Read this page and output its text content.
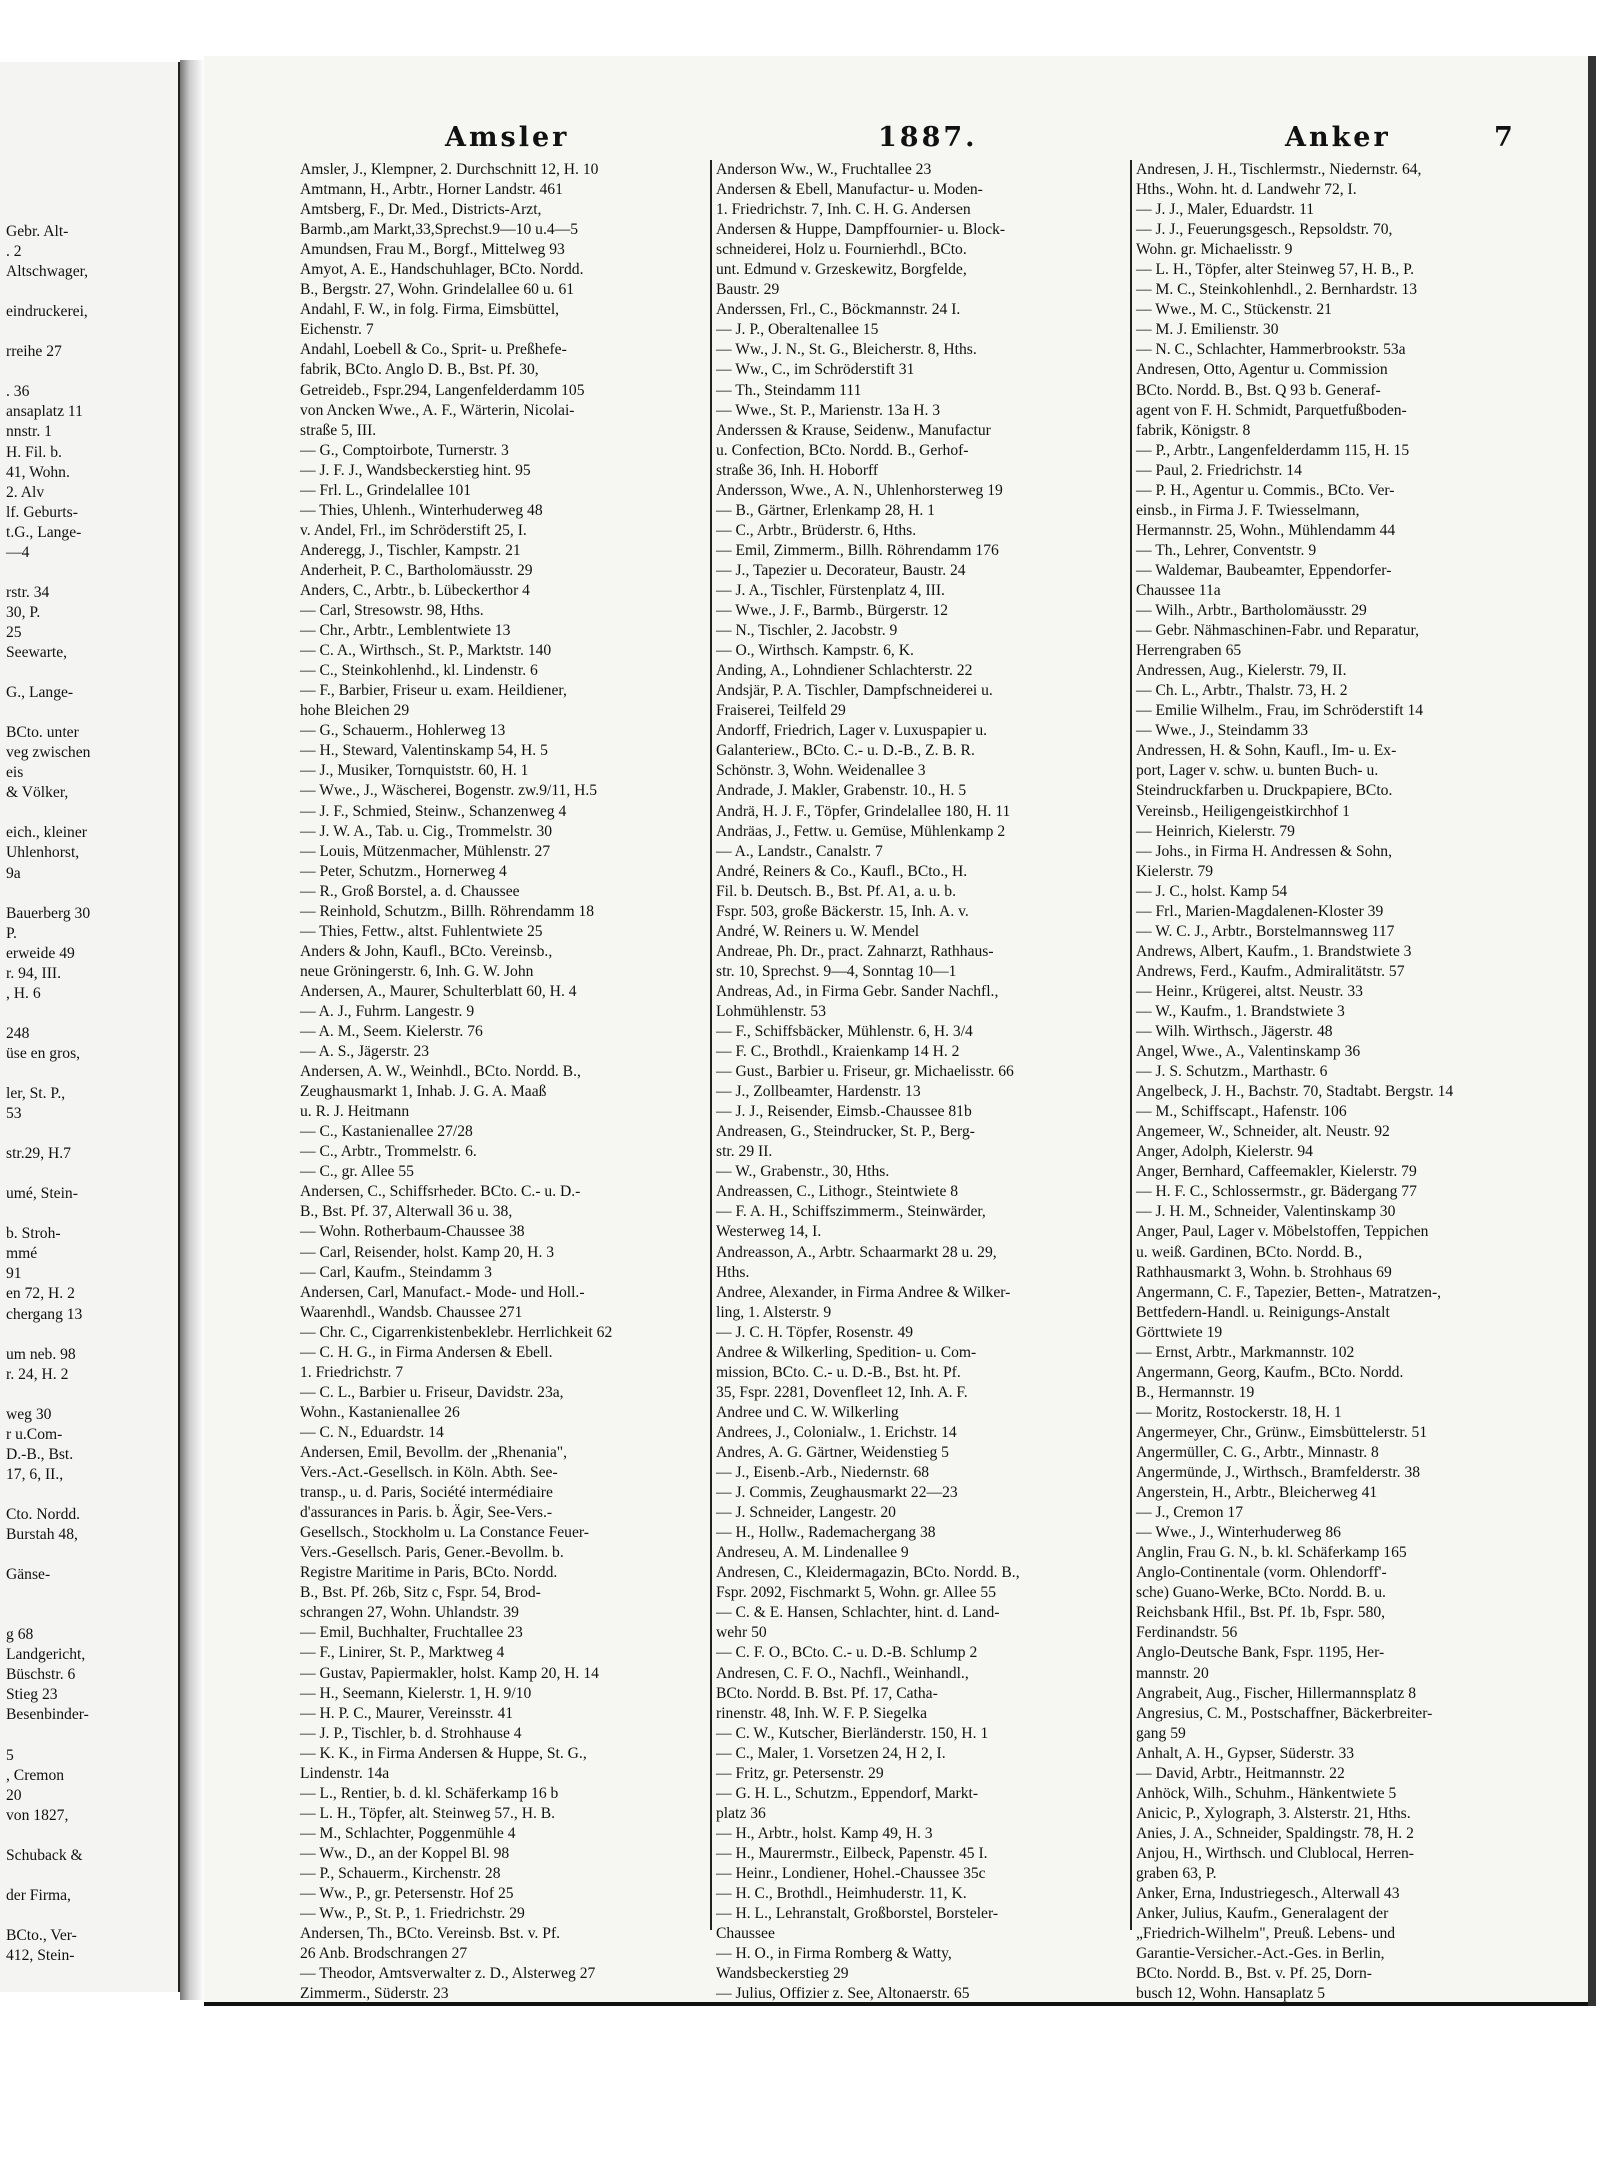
Gebr. Alt-
. 2
Altschwager,
eindruckerei,
rreihe 27
. 36
ansaplatz 11
nnstr. 1
H. Fil. b.
41, Wohn.
2. Alv
lf. Geburts-
t.G., Lange-
—4
rstr. 34
30, P.
25
Seewarte,
G., Lange-
BCto. unter
veg zwischen
eis
& Völker,
eich., kleiner
Uhlenhorst,
9a
Bauerberg 30
P.
erweide 49
r. 94, III.
, H. 6
248
üse en gros,
ler, St. P.,
53
str.29, H.7
umé, Stein-
b. Stroh-
mmé
91
en 72, H. 2
chergang 13
um neb. 98
r. 24, H. 2
weg 30
r u.Com-
D.-B., Bst.
17, 6, II.,
Cto. Nordd.
Burstah 48,
Gänse-
g 68
Landgericht,
Büschstr. 6
Stieg 23
Besenbinder-
5
, Cremon
20
von 1827,
Schuback &
der Firma,
BCto., Ver-
412, Stein-
Amsler	1887.	Anker	7
Amsler, J., Klempner, 2. Durchschnitt 12, H. 10
Amtmann, H., Arbtr., Horner Landstr. 461
Amtsberg, F., Dr. Med., Districts-Arzt,
Barmb.,am Markt,33,Sprechst.9—10 u.4—5
Amundsen, Frau M., Borgf., Mittelweg 93
Amyot, A. E., Handschuhlager, BCto. Nordd.
B., Bergstr. 27, Wohn. Grindelallee 60 u. 61
Andahl, F. W., in folg. Firma, Eimsbüttel,
Eichenstr. 7
Andahl, Loebell & Co., Sprit- u. Preßhefe-
fabrik, BCto. Anglo D. B., Bst. Pf. 30,
Getreideb., Fspr.294, Langenfelderdamm 105
von Ancken Wwe., A. F., Wärterin, Nicolai-
straße 5, III.
— G., Comptoirbote, Turnerstr. 3
— J. F. J., Wandsbeckerstieg hint. 95
— Frl. L., Grindelallee 101
— Thies, Uhlenh., Winterhuderweg 48
v. Andel, Frl., im Schröderstift 25, I.
Anderegg, J., Tischler, Kampstr. 21
Anderheit, P. C., Bartholomäusstr. 29
Anders, C., Arbtr., b. Lübeckerthor 4
— Carl, Stresowstr. 98, Hths.
— Chr., Arbtr., Lemblentwiete 13
— C. A., Wirthsch., St. P., Marktstr. 140
— C., Steinkohlenhd., kl. Lindenstr. 6
— F., Barbier, Friseur u. exam. Heildiener,
hohe Bleichen 29
— G., Schauerm., Hohlerweg 13
— H., Steward, Valentinskamp 54, H. 5
— J., Musiker, Tornquiststr. 60, H. 1
— Wwe., J., Wäscherei, Bogenstr. zw.9/11, H.5
— J. F., Schmied, Steinw., Schanzenweg 4
— J. W. A., Tab. u. Cig., Trommelstr. 30
— Louis, Mützenmacher, Mühlenstr. 27
— Peter, Schutzm., Hornerweg 4
— R., Groß Borstel, a. d. Chaussee
— Reinhold, Schutzm., Billh. Röhrendamm 18
— Thies, Fettw., altst. Fuhlentwiete 25
Anders & John, Kaufl., BCto. Vereinsb.,
neue Gröningerstr. 6, Inh. G. W. John
Andersen, A., Maurer, Schulterblatt 60, H. 4
— A. J., Fuhrm. Langestr. 9
— A. M., Seem. Kielerstr. 76
— A. S., Jägerstr. 23
Andersen, A. W., Weinhdl., BCto. Nordd. B.,
Zeughausmarkt 1, Inhab. J. G. A. Maaß
u. R. J. Heitmann
— C., Kastanienallee 27/28
— C., Arbtr., Trommelstr. 6.
— C., gr. Allee 55
Andersen, C., Schiffsrheder. BCto. C.- u. D.-
B., Bst. Pf. 37, Alterwall 36 u. 38,
— Wohn. Rotherbaum-Chaussee 38
— Carl, Reisender, holst. Kamp 20, H. 3
— Carl, Kaufm., Steindamm 3
Andersen, Carl, Manufact.- Mode- und Holl.-
Waarenhdl., Wandsb. Chaussee 271
— Chr. C., Cigarrenkistenbeklebr. Herrlichkeit 62
— C. H. G., in Firma Andersen & Ebell.
1. Friedrichstr. 7
— C. L., Barbier u. Friseur, Davidstr. 23a,
Wohn., Kastanienallee 26
— C. N., Eduardstr. 14
Andersen, Emil, Bevollm. der „Rhenania",
Vers.-Act.-Gesellsch. in Köln. Abth. See-
transp., u. d. Paris, Société intermédiaire
d'assurances in Paris. b. Ägir, See-Vers.-
Gesellsch., Stockholm u. La Constance Feuer-
Vers.-Gesellsch. Paris, Gener.-Bevollm. b.
Registre Maritime in Paris, BCto. Nordd.
B., Bst. Pf. 26b, Sitz c, Fspr. 54, Brod-
schrangen 27, Wohn. Uhlandstr. 39
— Emil, Buchhalter, Fruchtallee 23
— F., Linirer, St. P., Marktweg 4
— Gustav, Papiermakler, holst. Kamp 20, H. 14
— H., Seemann, Kielerstr. 1, H. 9/10
— H. P. C., Maurer, Vereinsstr. 41
— J. P., Tischler, b. d. Strohhause 4
— K. K., in Firma Andersen & Huppe, St. G.,
Lindenstr. 14a
— L., Rentier, b. d. kl. Schäferkamp 16 b
— L. H., Töpfer, alt. Steinweg 57., H. B.
— M., Schlachter, Poggenmühle 4
— Ww., D., an der Koppel Bl. 98
— P., Schauerm., Kirchenstr. 28
— Ww., P., gr. Petersenstr. Hof 25
— Ww., P., St. P., 1. Friedrichstr. 29
Andersen, Th., BCto. Vereinsb. Bst. v. Pf.
26 Anb. Brodschrangen 27
— Theodor, Amtsverwalter z. D., Alsterweg 27
Zimmerm., Süderstr. 23
Anderson Ww., W., Fruchtallee 23
Andersen & Ebell, Manufactur- u. Moden-
1. Friedrichstr. 7, Inh. C. H. G. Andersen
Andersen & Huppe, Dampffournier- u. Block-
schneiderei, Holz u. Fournierhdl., BCto.
unt. Edmund v. Grzeskewitz, Borgfelde,
Baustr. 29
Anderssen, Frl., C., Böckmannstr. 24 I.
— J. P., Oberaltenallee 15
— Ww., J. N., St. G., Bleicherstr. 8, Hths.
— Ww., C., im Schröderstift 31
— Th., Steindamm 111
— Wwe., St. P., Marienstr. 13a H. 3
Anderssen & Krause, Seidenw., Manufactur
u. Confection, BCto. Nordd. B., Gerhof-
straße 36, Inh. H. Hoborff
Andersson, Wwe., A. N., Uhlenhorsterweg 19
— B., Gärtner, Erlenkamp 28, H. 1
— C., Arbtr., Brüderstr. 6, Hths.
— Emil, Zimmerm., Billh. Röhrendamm 176
— J., Tapezier u. Decorateur, Baustr. 24
— J. A., Tischler, Fürstenplatz 4, III.
— Wwe., J. F., Barmb., Bürgerstr. 12
— N., Tischler, 2. Jacobstr. 9
— O., Wirthsch. Kampstr. 6, K.
Anding, A., Lohndiener Schlachterstr. 22
Andsjär, P. A. Tischler, Dampfschneiderei u.
Fraiserei, Teilfeld 29
Andorff, Friedrich, Lager v. Luxuspapier u.
Galanteriew., BCto. C.- u. D.-B., Z. B. R.
Schönstr. 3, Wohn. Weidenallee 3
Andrade, J. Makler, Grabenstr. 10., H. 5
Andrä, H. J. F., Töpfer, Grindelallee 180, H. 11
Andräas, J., Fettw. u. Gemüse, Mühlenkamp 2
— A., Landstr., Canalstr. 7
André, Reiners & Co., Kaufl., BCto., H.
Fil. b. Deutsch. B., Bst. Pf. A1, a. u. b.
Fspr. 503, große Bäckerstr. 15, Inh. A. v.
André, W. Reiners u. W. Mendel
Andreae, Ph. Dr., pract. Zahnarzt, Rathhaus-
str. 10, Sprechst. 9—4, Sonntag 10—1
Andreas, Ad., in Firma Gebr. Sander Nachfl.,
Lohmühlenstr. 53
— F., Schiffsbäcker, Mühlenstr. 6, H. 3/4
— F. C., Brothdl., Kraienkamp 14 H. 2
— Gust., Barbier u. Friseur, gr. Michaelisstr. 66
— J., Zollbeamter, Hardenstr. 13
— J. J., Reisender, Eimsb.-Chaussee 81b
Andreasen, G., Steindrucker, St. P., Berg-
str. 29 II.
— W., Grabenstr., 30, Hths.
Andreassen, C., Lithogr., Steintwiete 8
— F. A. H., Schiffszimmerm., Steinwärder,
Westerweg 14, I.
Andreasson, A., Arbtr. Schaarmarkt 28 u. 29,
Hths.
Andree, Alexander, in Firma Andree & Wilker-
ling, 1. Alsterstr. 9
— J. C. H. Töpfer, Rosenstr. 49
Andree & Wilkerling, Spedition- u. Com-
mission, BCto. C.- u. D.-B., Bst. ht. Pf.
35, Fspr. 2281, Dovenfleet 12, Inh. A. F.
Andree und C. W. Wilkerling
Andrees, J., Colonialw., 1. Erichstr. 14
Andres, A. G. Gärtner, Weidenstieg 5
— J., Eisenb.-Arb., Niedernstr. 68
— J. Commis, Zeughausmarkt 22—23
— J. Schneider, Langestr. 20
— H., Hollw., Rademachergang 38
Andreseu, A. M. Lindenallee 9
Andresen, C., Kleidermagazin, BCto. Nordd. B.,
Fspr. 2092, Fischmarkt 5, Wohn. gr. Allee 55
— C. & E. Hansen, Schlachter, hint. d. Land-
wehr 50
— C. F. O., BCto. C.- u. D.-B. Schlump 2
Andresen, C. F. O., Nachfl., Weinhandl.,
BCto. Nordd. B. Bst. Pf. 17, Catha-
rinenstr. 48, Inh. W. F. P. Siegelka
— C. W., Kutscher, Bierländerstr. 150, H. 1
— C., Maler, 1. Vorsetzen 24, H 2, I.
— Fritz, gr. Petersenstr. 29
— G. H. L., Schutzm., Eppendorf, Markt-
platz 36
— H., Arbtr., holst. Kamp 49, H. 3
— H., Maurermstr., Eilbeck, Papenstr. 45 I.
— Heinr., Londiener, Hohel.-Chaussee 35c
— H. C., Brothdl., Heimhuderstr. 11, K.
— H. L., Lehranstalt, Großborstel, Borsteler-
Chaussee
— H. O., in Firma Romberg & Watty,
Wandsbeckerstieg 29
— Julius, Offizier z. See, Altonaerstr. 65
Andresen, J. H., Tischlermstr., Niedernstr. 64,
Hths., Wohn. ht. d. Landwehr 72, I.
— J. J., Maler, Eduardstr. 11
— J. J., Feuerungsgesch., Repsoldstr. 70,
Wohn. gr. Michaelisstr. 9
— L. H., Töpfer, alter Steinweg 57, H. B., P.
— M. C., Steinkohlenhdl., 2. Bernhardstr. 13
— Wwe., M. C., Stückenstr. 21
— M. J. Emilienstr. 30
— N. C., Schlachter, Hammerbrookstr. 53a
Andresen, Otto, Agentur u. Commission
BCto. Nordd. B., Bst. Q 93 b. Generaf-
agent von F. H. Schmidt, Parquetfußboden-
fabrik, Königstr. 8
— P., Arbtr., Langenfelderdamm 115, H. 15
— Paul, 2. Friedrichstr. 14
— P. H., Agentur u. Commis., BCto. Ver-
einsb., in Firma J. F. Twiesselmann,
Hermannstr. 25, Wohn., Mühlendamm 44
— Th., Lehrer, Conventstr. 9
— Waldemar, Baubeamter, Eppendorfer-
Chaussee 11a
— Wilh., Arbtr., Bartholomäusstr. 29
— Gebr. Nähmaschinen-Fabr. und Reparatur,
Herrengraben 65
Andressen, Aug., Kielerstr. 79, II.
— Ch. L., Arbtr., Thalstr. 73, H. 2
— Emilie Wilhelm., Frau, im Schröderstift 14
— Wwe., J., Steindamm 33
Andressen, H. & Sohn, Kaufl., Im- u. Ex-
port, Lager v. schw. u. bunten Buch- u.
Steindruckfarben u. Druckpapiere, BCto.
Vereinsb., Heiligengeistkirchhof 1
— Heinrich, Kielerstr. 79
— Johs., in Firma H. Andressen & Sohn,
Kielerstr. 79
— J. C., holst. Kamp 54
— Frl., Marien-Magdalenen-Kloster 39
— W. C. J., Arbtr., Borstelmannsweg 117
Andrews, Albert, Kaufm., 1. Brandstwiete 3
Andrews, Ferd., Kaufm., Admiralitätstr. 57
— Heinr., Krügerei, altst. Neustr. 33
— W., Kaufm., 1. Brandstwiete 3
— Wilh. Wirthsch., Jägerstr. 48
Angel, Wwe., A., Valentinskamp 36
— J. S. Schutzm., Marthastr. 6
Angelbeck, J. H., Bachstr. 70, Stadtabt. Bergstr. 14
— M., Schiffscapt., Hafenstr. 106
Angemeer, W., Schneider, alt. Neustr. 92
Anger, Adolph, Kielerstr. 94
Anger, Bernhard, Caffeemakler, Kielerstr. 79
— H. F. C., Schlossermstr., gr. Bädergang 77
— J. H. M., Schneider, Valentinskamp 30
Anger, Paul, Lager v. Möbelstoffen, Teppichen
u. weiß. Gardinen, BCto. Nordd. B.,
Rathhausmarkt 3, Wohn. b. Strohhaus 69
Angermann, C. F., Tapezier, Betten-, Matratzen-,
Bettfedern-Handl. u. Reinigungs-Anstalt
Görttwiete 19
— Ernst, Arbtr., Markmannstr. 102
Angermann, Georg, Kaufm., BCto. Nordd.
B., Hermannstr. 19
— Moritz, Rostockerstr. 18, H. 1
Angermeyer, Chr., Grünw., Eimsbüttelerstr. 51
Angermüller, C. G., Arbtr., Minnastr. 8
Angermünde, J., Wirthsch., Bramfelderstr. 38
Angerstein, H., Arbtr., Bleicherweg 41
— J., Cremon 17
— Wwe., J., Winterhuderweg 86
Anglin, Frau G. N., b. kl. Schäferkamp 165
Anglo-Continentale (vorm. Ohlendorff'-
sche) Guano-Werke, BCto. Nordd. B. u.
Reichsbank Hfil., Bst. Pf. 1b, Fspr. 580,
Ferdinandstr. 56
Anglo-Deutsche Bank, Fspr. 1195, Her-
mannstr. 20
Angrabeit, Aug., Fischer, Hillermannsplatz 8
Angresius, C. M., Postschaffner, Bäckerbreiter-
gang 59
Anhalt, A. H., Gypser, Süderstr. 33
— David, Arbtr., Heitmannstr. 22
Anhöck, Wilh., Schuhm., Hänkentwiete 5
Anicic, P., Xylograph, 3. Alsterstr. 21, Hths.
Anies, J. A., Schneider, Spaldingstr. 78, H. 2
Anjou, H., Wirthsch. und Clublocal, Herren-
graben 63, P.
Anker, Erna, Industriegesch., Alterwall 43
Anker, Julius, Kaufm., Generalagent der
„Friedrich-Wilhelm", Preuß. Lebens- und
Garantie-Versicher.-Act.-Ges. in Berlin,
BCto. Nordd. B., Bst. v. Pf. 25, Dorn-
busch 12, Wohn. Hansaplatz 5
